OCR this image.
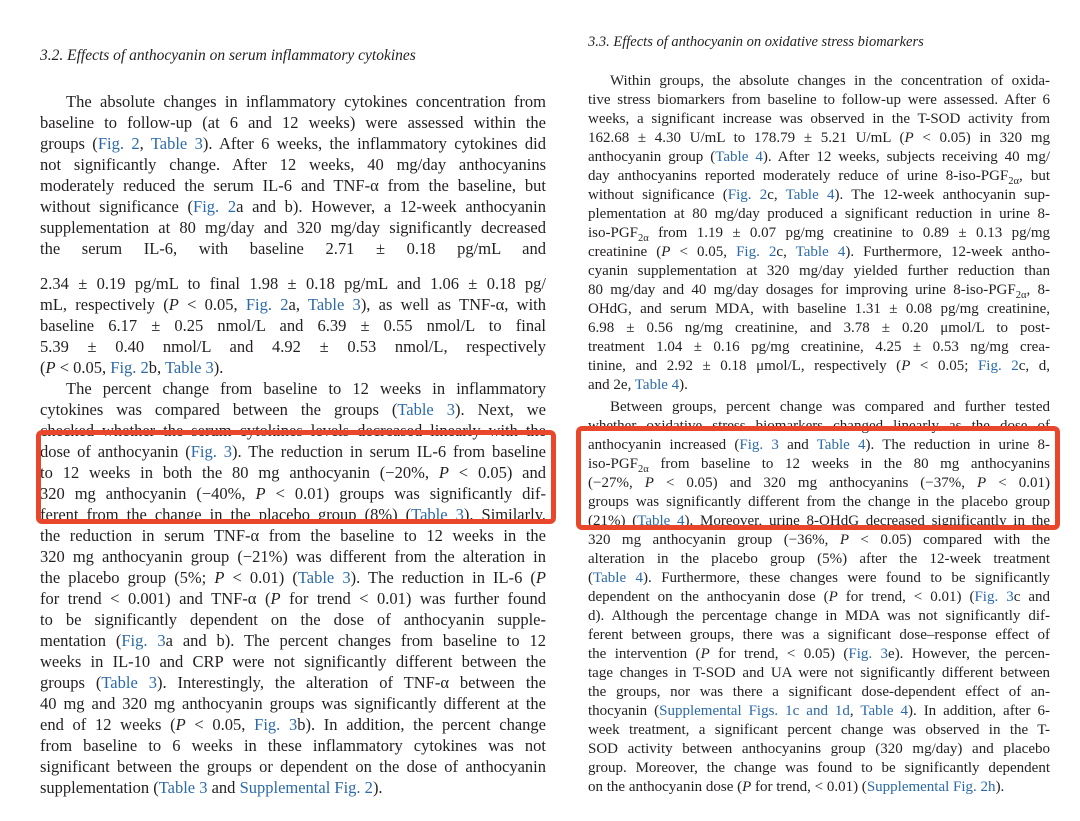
3.2. Effects of anthocyanin on serum inflammatory cytokines
The absolute changes in inflammatory cytokines concentration from
baseline to follow-up (at 6 and 12 weeks) were assessed within the
groups (Fig. 2, Table 3). After 6 weeks, the inflammatory cytokines did
not significantly change. After 12 weeks, 40 mg/day anthocyanins
moderately reduced the serum IL-6 and TNF-α from the baseline, but
without significance (Fig. 2a and b). However, a 12-week anthocyanin
supplementation at 80 mg/day and 320 mg/day significantly decreased
the serum IL-6, with baseline 2.71 ± 0.18 pg/mL and
2.34 ± 0.19 pg/mL to final 1.98 ± 0.18 pg/mL and 1.06 ± 0.18 pg/
mL, respectively (P < 0.05, Fig. 2a, Table 3), as well as TNF-α, with
baseline 6.17 ± 0.25 nmol/L and 6.39 ± 0.55 nmol/L to final
5.39 ± 0.40 nmol/L and 4.92 ± 0.53 nmol/L, respectively
(P < 0.05, Fig. 2b, Table 3).
The percent change from baseline to 12 weeks in inflammatory
cytokines was compared between the groups (Table 3). Next, we
checked whether the serum cytokines levels decreased linearly with the
dose of anthocyanin (Fig. 3). The reduction in serum IL-6 from baseline
to 12 weeks in both the 80 mg anthocyanin (−20%, P < 0.05) and
320 mg anthocyanin (−40%, P < 0.01) groups was significantly dif-
ferent from the change in the placebo group (8%) (Table 3). Similarly,
the reduction in serum TNF-α from the baseline to 12 weeks in the
320 mg anthocyanin group (−21%) was different from the alteration in
the placebo group (5%; P < 0.01) (Table 3). The reduction in IL-6 (P
for trend < 0.001) and TNF-α (P for trend < 0.01) was further found
to be significantly dependent on the dose of anthocyanin supple-
mentation (Fig. 3a and b). The percent changes from baseline to 12
weeks in IL-10 and CRP were not significantly different between the
groups (Table 3). Interestingly, the alteration of TNF-α between the
40 mg and 320 mg anthocyanin groups was significantly different at the
end of 12 weeks (P < 0.05, Fig. 3b). In addition, the percent change
from baseline to 6 weeks in these inflammatory cytokines was not
significant between the groups or dependent on the dose of anthocyanin
supplementation (Table 3 and Supplemental Fig. 2).
3.3. Effects of anthocyanin on oxidative stress biomarkers
Within groups, the absolute changes in the concentration of oxida-
tive stress biomarkers from baseline to follow-up were assessed. After 6
weeks, a significant increase was observed in the T-SOD activity from
162.68 ± 4.30 U/mL to 178.79 ± 5.21 U/mL (P < 0.05) in 320 mg
anthocyanin group (Table 4). After 12 weeks, subjects receiving 40 mg/
day anthocyanins reported moderately reduce of urine $8-iso-PGF_{2\alpha}$, but
without significance (Fig. 2c, Table 4). The 12-week anthocyanin sup-
plementation at 80 mg/day produced a significant reduction in urine 8-
iso-$PGF_{2\alpha}$ from 1.19 ± 0.07 pg/mg creatinine to 0.89 ± 0.13 pg/mg
creatinine (P < 0.05, Fig. 2c, Table 4). Furthermore, 12-week antho-
cyanin supplementation at 320 mg/day yielded further reduction than
80 mg/day and 40 mg/day dosages for improving urine $8-iso-PGF_{2\alpha}$, 8-
OHdG, and serum MDA, with baseline 1.31 ± 0.08 pg/mg creatinine,
6.98 ± 0.56 ng/mg creatinine, and 3.78 ± 0.20 μmol/L to post-
treatment 1.04 ± 0.16 pg/mg creatinine, 4.25 ± 0.53 ng/mg crea-
tinine, and 2.92 ± 0.18 μmol/L, respectively (P < 0.05; Fig. 2c, d,
and 2e, Table 4).
Between groups, percent change was compared and further tested
whether oxidative stress biomarkers changed linearly as the dose of
anthocyanin increased (Fig. 3 and Table 4). The reduction in urine 8-
iso-$PGF_{2\alpha}$ from baseline to 12 weeks in the 80 mg anthocyanins
(−27%, P < 0.05) and 320 mg anthocyanins (−37%, P < 0.01)
groups was significantly different from the change in the placebo group
(21%) (Table 4). Moreover, urine 8-OHdG decreased significantly in the
320 mg anthocyanin group (−36%, P < 0.05) compared with the
alteration in the placebo group (5%) after the 12-week treatment
(Table 4). Furthermore, these changes were found to be significantly
dependent on the anthocyanin dose (P for trend, < 0.01) (Fig. 3c and
d). Although the percentage change in MDA was not significantly dif-
ferent between groups, there was a significant dose–response effect of
the intervention (P for trend, < 0.05) (Fig. 3e). However, the percen-
tage changes in T-SOD and UA were not significantly different between
the groups, nor was there a significant dose-dependent effect of an-
thocyanin (Supplemental Figs. 1c and 1d, Table 4). In addition, after 6-
week treatment, a significant percent change was observed in the T-
SOD activity between anthocyanins group (320 mg/day) and placebo
group. Moreover, the change was found to be significantly dependent
on the anthocyanin dose (P for trend, < 0.01) (Supplemental Fig. 2h).
